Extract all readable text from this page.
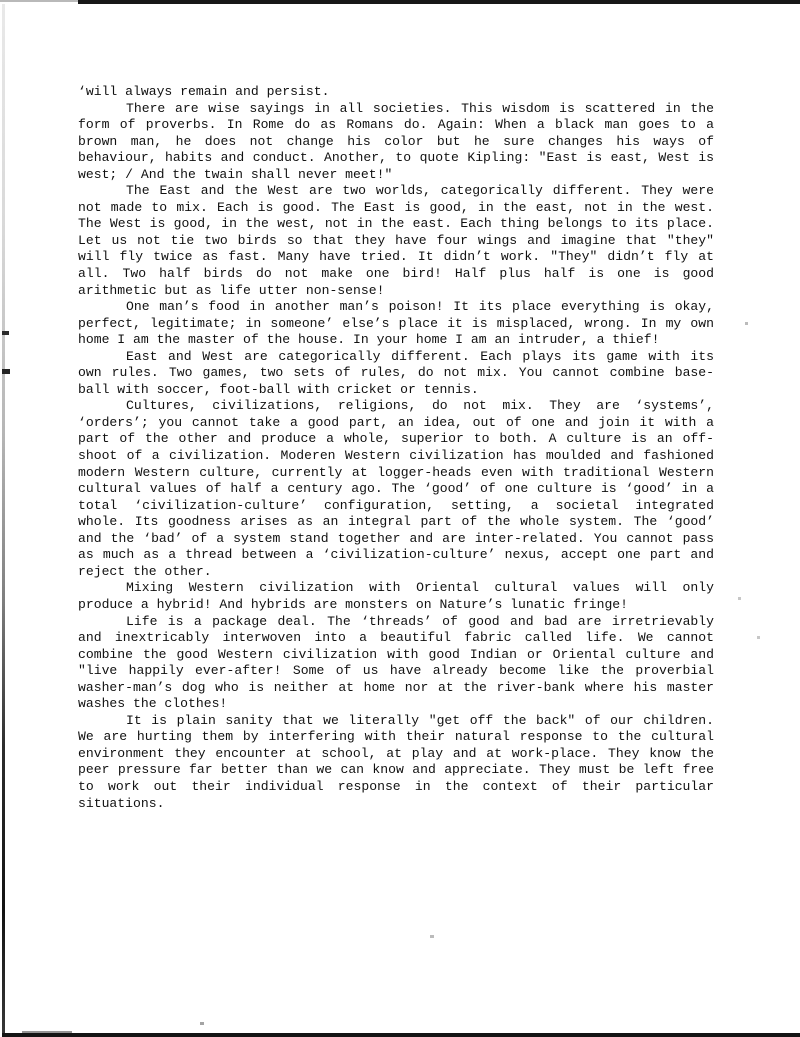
‘will always remain and persist.

There are wise sayings in all societies. This wisdom is scattered in the form of proverbs. In Rome do as Romans do. Again: When a black man goes to a brown man, he does not change his color but he sure changes his ways of behaviour, habits and conduct. Another, to quote Kipling: "East is east, West is west; / And the twain shall never meet!"

The East and the West are two worlds, categorically different. They were not made to mix. Each is good. The East is good, in the east, not in the west. The West is good, in the west, not in the east. Each thing belongs to its place. Let us not tie two birds so that they have four wings and imagine that "they" will fly twice as fast. Many have tried. It didn’t work. "They" didn’t fly at all. Two half birds do not make one bird! Half plus half is one is good arithmetic but as life utter non-sense!

One man’s food in another man’s poison! It its place everything is okay, perfect, legitimate; in someone’ else’s place it is misplaced, wrong. In my own home I am the master of the house. In your home I am an intruder, a thief!

East and West are categorically different. Each plays its game with its own rules. Two games, two sets of rules, do not mix. You cannot combine base-ball with soccer, foot-ball with cricket or tennis.

Cultures, civilizations, religions, do not mix. They are ‘systems’, ‘orders’; you cannot take a good part, an idea, out of one and join it with a part of the other and produce a whole, superior to both. A culture is an off-shoot of a civilization. Moderen Western civilization has moulded and fashioned modern Western culture, currently at logger-heads even with traditional Western cultural values of half a century ago. The ‘good’ of one culture is ‘good’ in a total ‘civilization-culture’ configuration, setting, a societal integrated whole. Its goodness arises as an integral part of the whole system. The ‘good’ and the ‘bad’ of a system stand together and are inter-related. You cannot pass as much as a thread between a ‘civilization-culture’ nexus, accept one part and reject the other.

Mixing Western civilization with Oriental cultural values will only produce a hybrid! And hybrids are monsters on Nature’s lunatic fringe!

Life is a package deal. The ‘threads’ of good and bad are irretrievably and inextricably interwoven into a beautiful fabric called life. We cannot combine the good Western civilization with good Indian or Oriental culture and "live happily ever-after! Some of us have already become like the proverbial washer-man’s dog who is neither at home nor at the river-bank where his master washes the clothes!

It is plain sanity that we literally "get off the back" of our children. We are hurting them by interfering with their natural response to the cultural environment they encounter at school, at play and at work-place. They know the peer pressure far better than we can know and appreciate. They must be left free to work out their individual response in the context of their particular situations.
